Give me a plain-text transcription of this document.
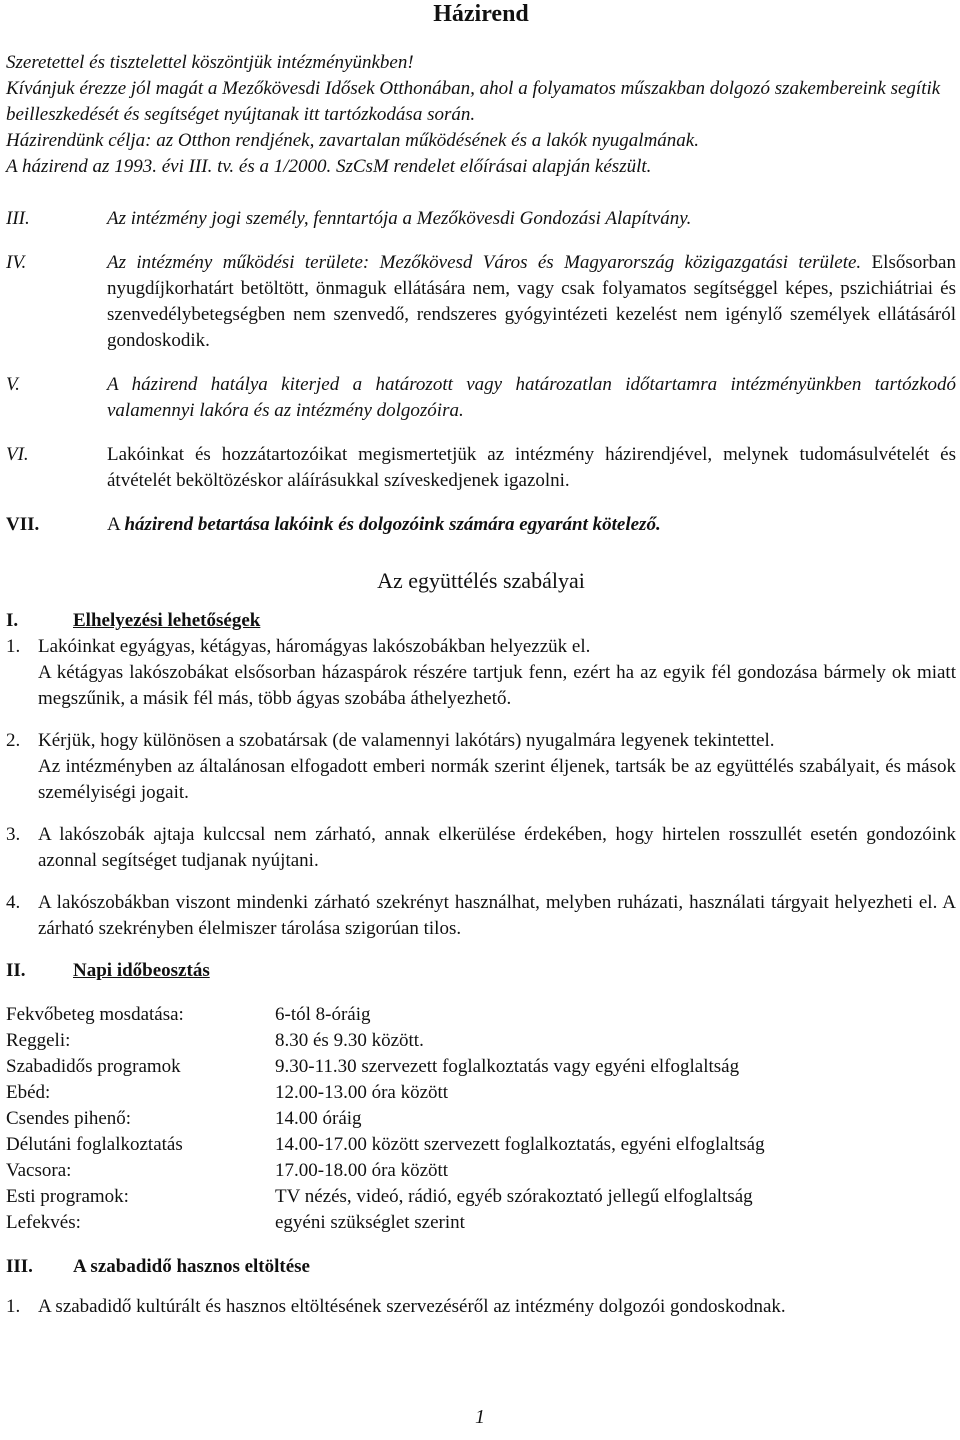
Házirend

Szeretettel és tisztelettel köszöntjük intézményünkben!

Kívánjuk érezze jól magát a Mezőkövesdi Idősek Otthonában, ahol a folyamatos műszakban dolgozó szakembereink segítik beilleszkedését és segítséget nyújtanak itt tartózkodása során.

Házirendünk célja: az Otthon rendjének, zavartalan működésének és a lakók nyugalmának.

A házirend az 1993. évi III. tv. és a 1/2000. SzCsM rendelet előírásai alapján készült.

III.	Az intézmény jogi személy, fenntartója a Mezőkövesdi Gondozási Alapítvány.
IV.	Az intézmény működési területe: Mezőkövesd Város és Magyarország közigazgatási területe. Elsősorban nyugdíjkorhatárt betöltött, önmaguk ellátására nem, vagy csak folyamatos segítséggel képes, pszichiátriai és szenvedélybetegségben nem szenvedő, rendszeres gyógyintézeti kezelést nem igénylő személyek ellátásáról gondoskodik.
V.	A házirend hatálya kiterjed a határozott vagy határozatlan időtartamra intézményünkben tartózkodó valamennyi lakóra és az intézmény dolgozóira.
VI.	Lakóinkat és hozzátartozóikat megismertetjük az intézmény házirendjével, melynek tudomásulvételét és átvételét beköltözéskor aláírásukkal szíveskedjenek igazolni.
VII.	A házirend betartása lakóink és dolgozóink számára egyaránt kötelező.
Az együttélés szabályai
I.	Elhelyezési lehetőségek
1. Lakóinkat egyágyas, kétágyas, háromágyas lakószobákban helyezzük el.

A kétágyas lakószobákat elsősorban házaspárok részére tartjuk fenn, ezért ha az egyik fél gondozása bármely ok miatt megszűnik, a másik fél más, több ágyas szobába áthelyezhető.

2. Kérjük, hogy különösen a szobatársak (de valamennyi lakótárs) nyugalmára legyenek tekintettel.

Az intézményben az általánosan elfogadott emberi normák szerint éljenek, tartsák be az együttélés szabályait, és mások személyiségi jogait.

3. A lakószobák ajtaja kulccsal nem zárható, annak elkerülése érdekében, hogy hirtelen rosszullét esetén gondozóink azonnal segítséget tudjanak nyújtani.

4. A lakószobákban viszont mindenki zárható szekrényt használhat, melyben ruházati, használati tárgyait helyezheti el. A zárható szekrényben élelmiszer tárolása szigorúan tilos.

II.	Napi időbeosztás
Fekvőbeteg mosdatása:	6-tól 8-óráig
Reggeli:	8.30 és 9.30 között.
Szabadidős programok	9.30-11.30 szervezett foglalkoztatás vagy egyéni elfoglaltság
Ebéd:	12.00-13.00 óra között
Csendes pihenő:	14.00 óráig
Délutáni foglalkoztatás	14.00-17.00 között szervezett foglalkoztatás, egyéni elfoglaltság
Vacsora:	17.00-18.00 óra között
Esti programok:	TV nézés, videó, rádió, egyéb szórakoztató jellegű elfoglaltság
Lefekvés:	egyéni szükséglet szerint
III.	A szabadidő hasznos eltöltése
1. A szabadidő kultúrált és hasznos eltöltésének szervezéséről az intézmény dolgozói gondoskodnak.
1
